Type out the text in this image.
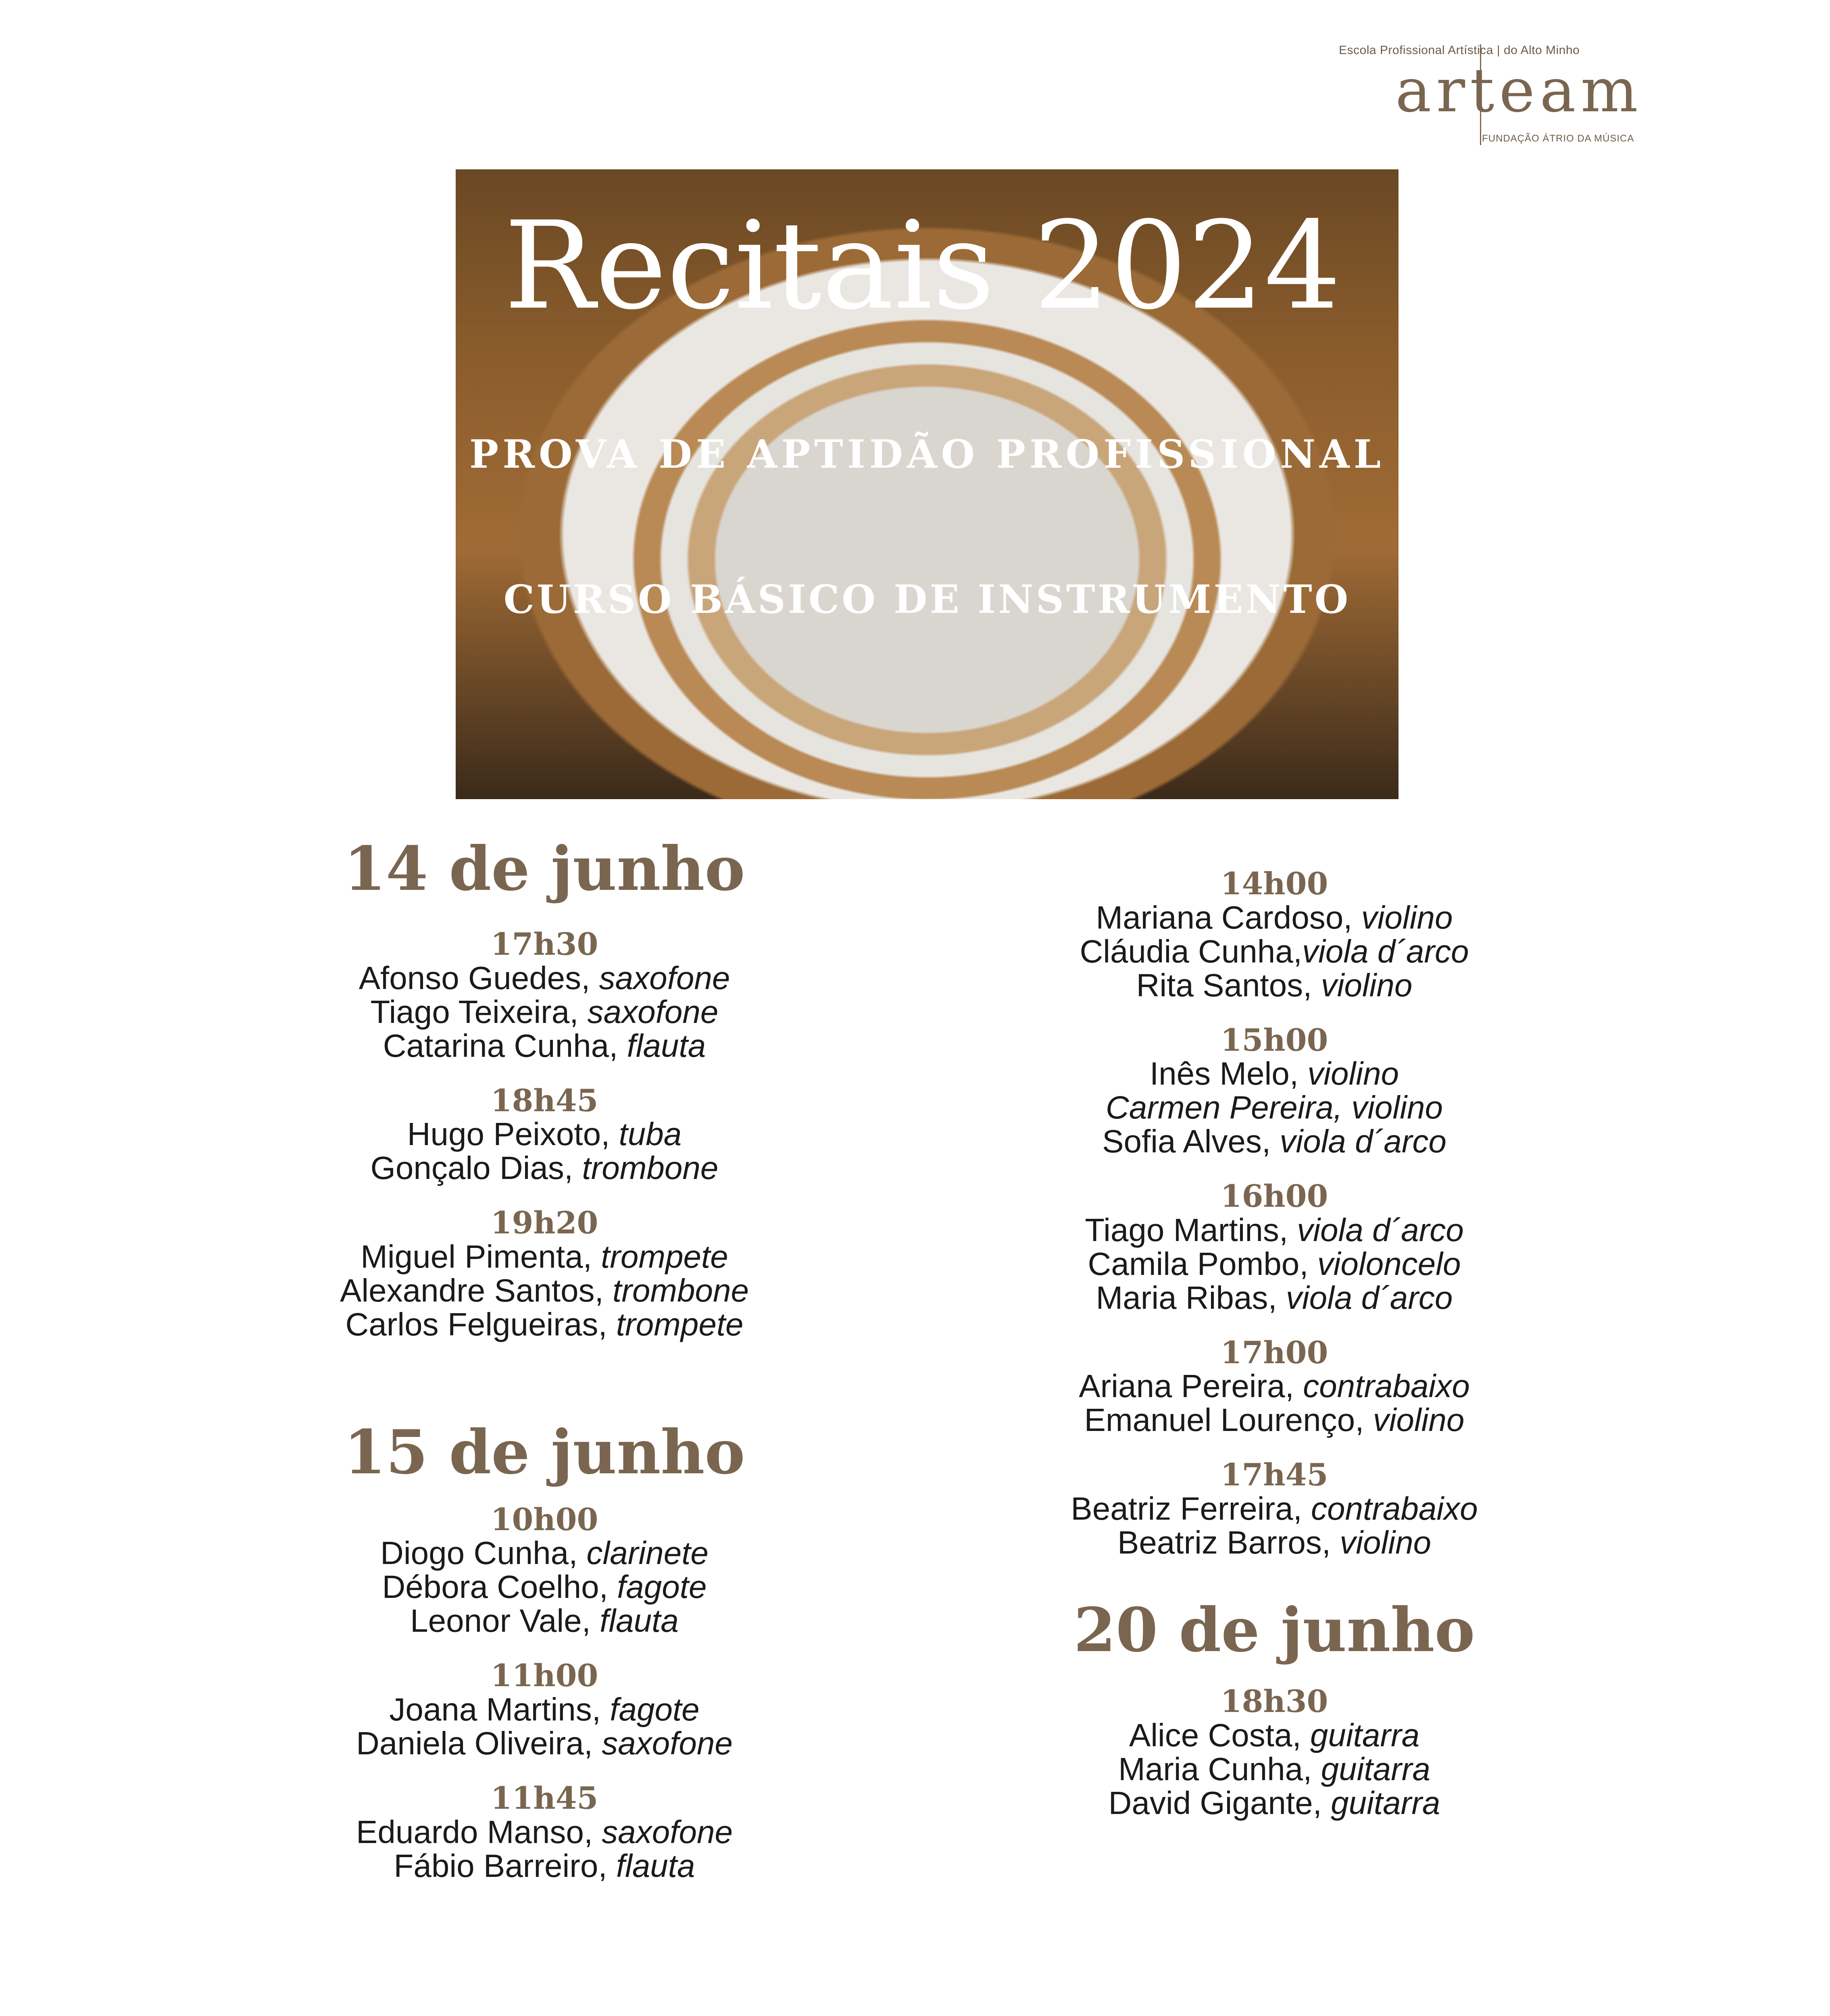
Escola Profissional Artística | do Alto Minho
arteam
FUNDAÇÃO ÁTRIO DA MÚSICA
Recitais 2024
PROVA DE APTIDÃO PROFISSIONAL
CURSO BÁSICO DE INSTRUMENTO
14 de junho
17h30
Afonso Guedes, saxofone
Tiago Teixeira, saxofone
Catarina Cunha, flauta
18h45
Hugo Peixoto, tuba
Gonçalo Dias, trombone
19h20
Miguel Pimenta, trompete
Alexandre Santos, trombone
Carlos Felgueiras, trompete
15 de junho
10h00
Diogo Cunha, clarinete
Débora Coelho, fagote
Leonor Vale, flauta
11h00
Joana Martins, fagote
Daniela Oliveira, saxofone
11h45
Eduardo Manso, saxofone
Fábio Barreiro, flauta
14h00
Mariana Cardoso, violino
Cláudia Cunha,viola d´arco
Rita Santos, violino
15h00
Inês Melo, violino
Carmen Pereira, violino
Sofia Alves, viola d´arco
16h00
Tiago Martins, viola d´arco
Camila Pombo, violoncelo
Maria Ribas, viola d´arco
17h00
Ariana Pereira, contrabaixo
Emanuel Lourenço, violino
17h45
Beatriz Ferreira, contrabaixo
Beatriz Barros, violino
20 de junho
18h30
Alice Costa, guitarra
Maria Cunha, guitarra
David Gigante, guitarra
